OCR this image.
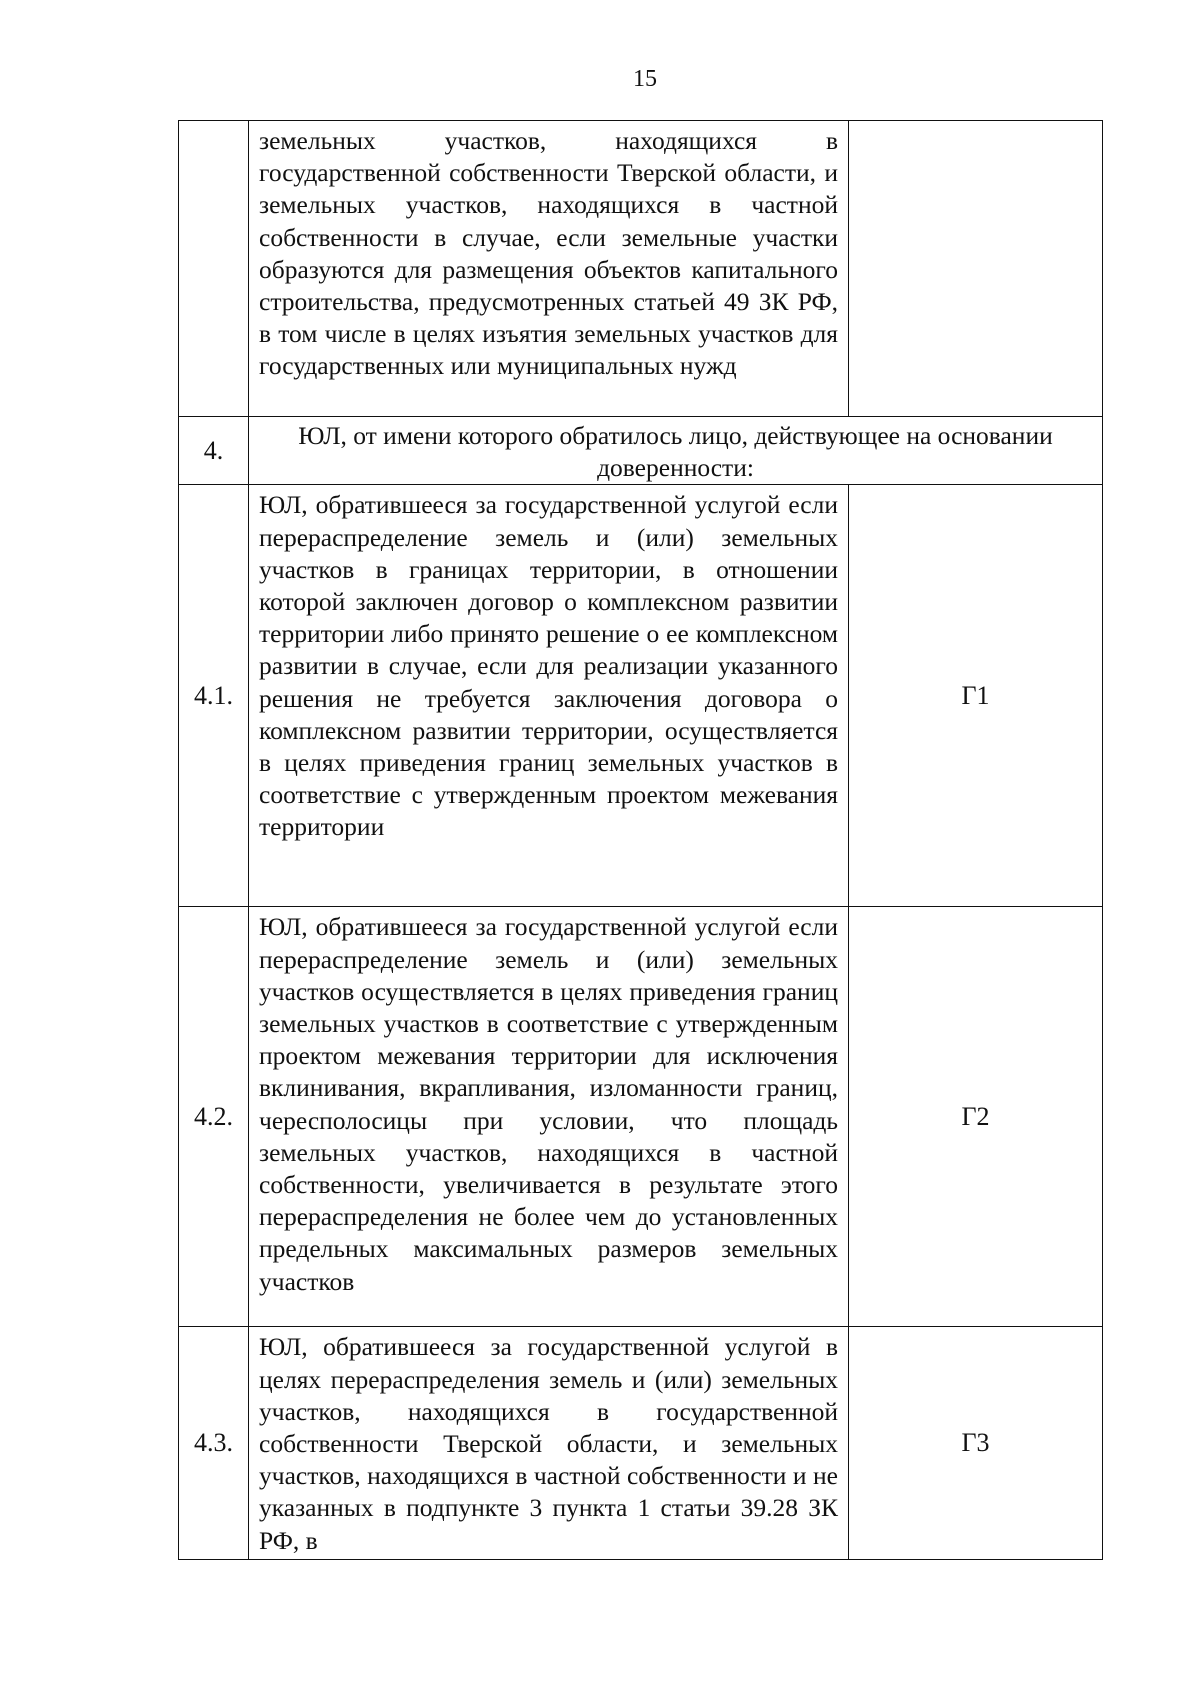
15

	земельных участков, находящихся в государственной собственности Тверской области, и земельных участков, находящихся в частной собственности в случае, если земельные участки образуются для размещения объектов капитального строительства, предусмотренных статьей 49 ЗК РФ, в том числе в целях изъятия земельных участков для государственных или муниципальных нужд	

4.	ЮЛ, от имени которого обратилось лицо, действующее на основании доверенности:	

4.1.	ЮЛ, обратившееся за государственной услугой если перераспределение земель и (или) земельных участков в границах территории, в отношении которой заключен договор о комплексном развитии территории либо принято решение о ее комплексном развитии в случае, если для реализации указанного решения не требуется заключения договора о комплексном развитии территории, осуществляется в целях приведения границ земельных участков в соответствие с утвержденным проектом межевания территории	Г1
4.2.	ЮЛ, обратившееся за государственной услугой если перераспределение земель и (или) земельных участков осуществляется в целях приведения границ земельных участков в соответствие с утвержденным проектом межевания территории для исключения вклинивания, вкрапливания, изломанности границ, чересполосицы при условии, что площадь земельных участков, находящихся в частной собственности, увеличивается в результате этого перераспределения не более чем до установленных предельных максимальных размеров земельных участков	Г2
4.3.	ЮЛ, обратившееся за государственной услугой в целях перераспределения земель и (или) земельных участков, находящихся в государственной собственности Тверской области, и земельных участков, находящихся в частной собственности и не указанных в подпункте 3 пункта 1 статьи 39.28 ЗК РФ, в	Г3
